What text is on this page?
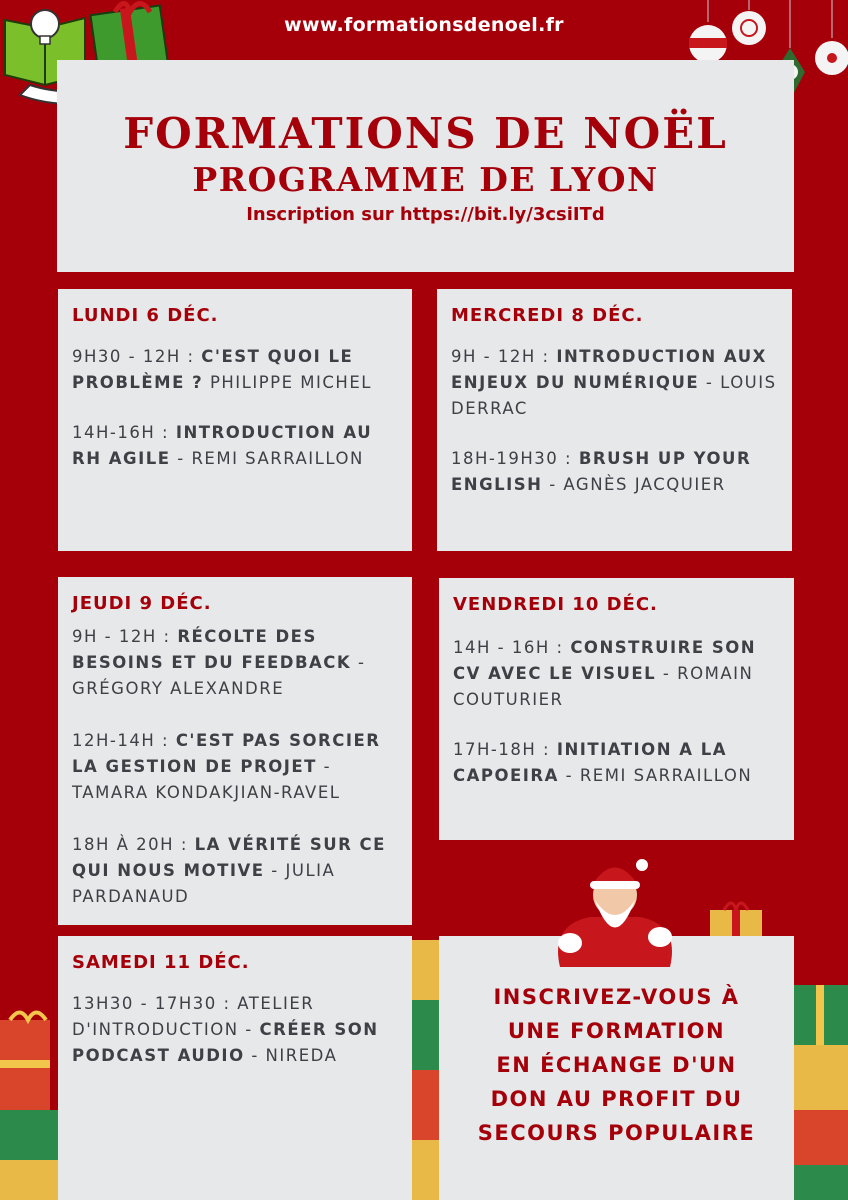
www.formationsdenoel.fr
FORMATIONS DE NOËL
PROGRAMME DE LYON
Inscription sur https://bit.ly/3csiITd
LUNDI 6 DÉC.
9H30 - 12H : C'EST QUOI LE PROBLÈME ? PHILIPPE MICHEL
14H-16H : INTRODUCTION AU RH AGILE - REMI SARRAILLON
MERCREDI 8 DÉC.
9H - 12H : INTRODUCTION AUX ENJEUX DU NUMÉRIQUE - LOUIS DERRAC
18H-19H30 : BRUSH UP YOUR ENGLISH - AGNÈS JACQUIER
JEUDI 9 DÉC.
9H - 12H : RÉCOLTE DES BESOINS ET DU FEEDBACK - GRÉGORY ALEXANDRE
12H-14H : C'EST PAS SORCIER LA GESTION DE PROJET - TAMARA KONDAKJIAN-RAVEL
18H À 20H : LA VÉRITÉ SUR CE QUI NOUS MOTIVE - JULIA PARDANAUD
VENDREDI 10 DÉC.
14H - 16H : CONSTRUIRE SON CV AVEC LE VISUEL - ROMAIN COUTURIER
17H-18H : INITIATION A LA CAPOEIRA - REMI SARRAILLON
SAMEDI 11 DÉC.
13H30 - 17H30 : ATELIER D'INTRODUCTION - CRÉER SON PODCAST AUDIO - NIREDA
INSCRIVEZ-VOUS À
UNE FORMATION
EN ÉCHANGE D'UN
DON AU PROFIT DU
SECOURS POPULAIRE
